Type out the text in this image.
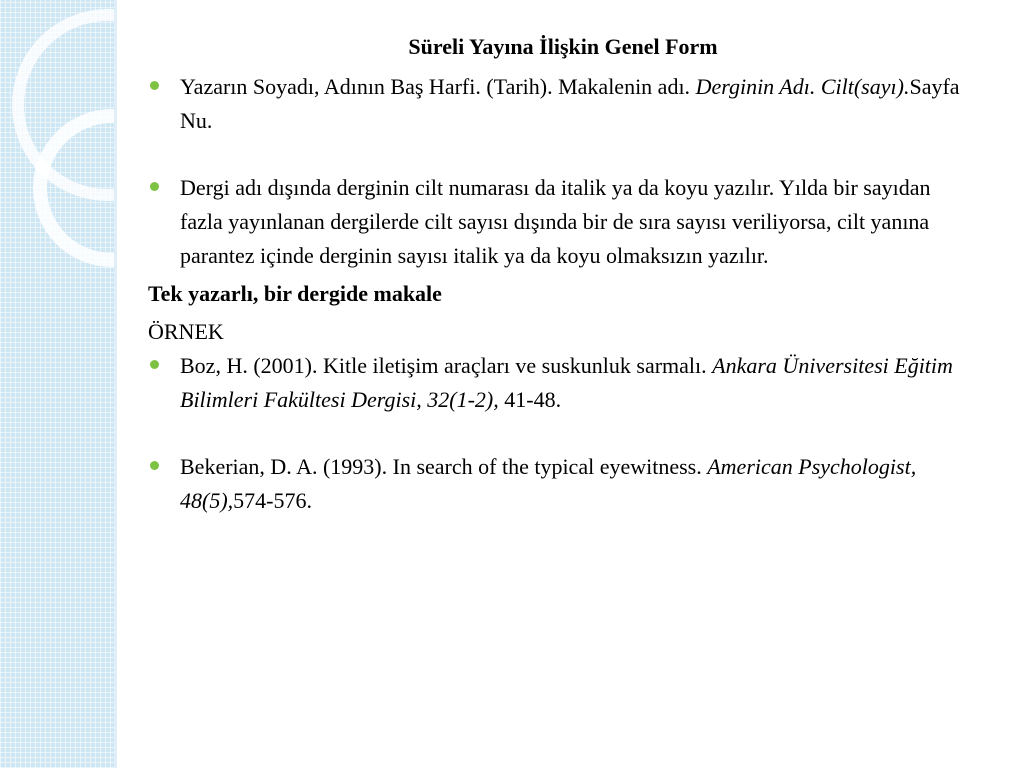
Süreli Yayına İlişkin Genel Form
Yazarın Soyadı, Adının Baş Harfi. (Tarih). Makalenin adı. Derginin Adı. Cilt(sayı).Sayfa Nu.
Dergi adı dışında derginin cilt numarası da italik ya da koyu yazılır. Yılda bir sayıdan fazla yayınlanan dergilerde cilt sayısı dışında bir de sıra sayısı veriliyorsa, cilt yanına parantez içinde derginin sayısı italik ya da koyu olmaksızın yazılır.
Tek yazarlı, bir dergide makale
ÖRNEK
Boz, H. (2001). Kitle iletişim araçları ve suskunluk sarmalı. Ankara Üniversitesi Eğitim Bilimleri Fakültesi Dergisi, 32(1-2), 41-48.
Bekerian, D. A. (1993). In search of the typical eyewitness. American Psychologist, 48(5),574-576.
